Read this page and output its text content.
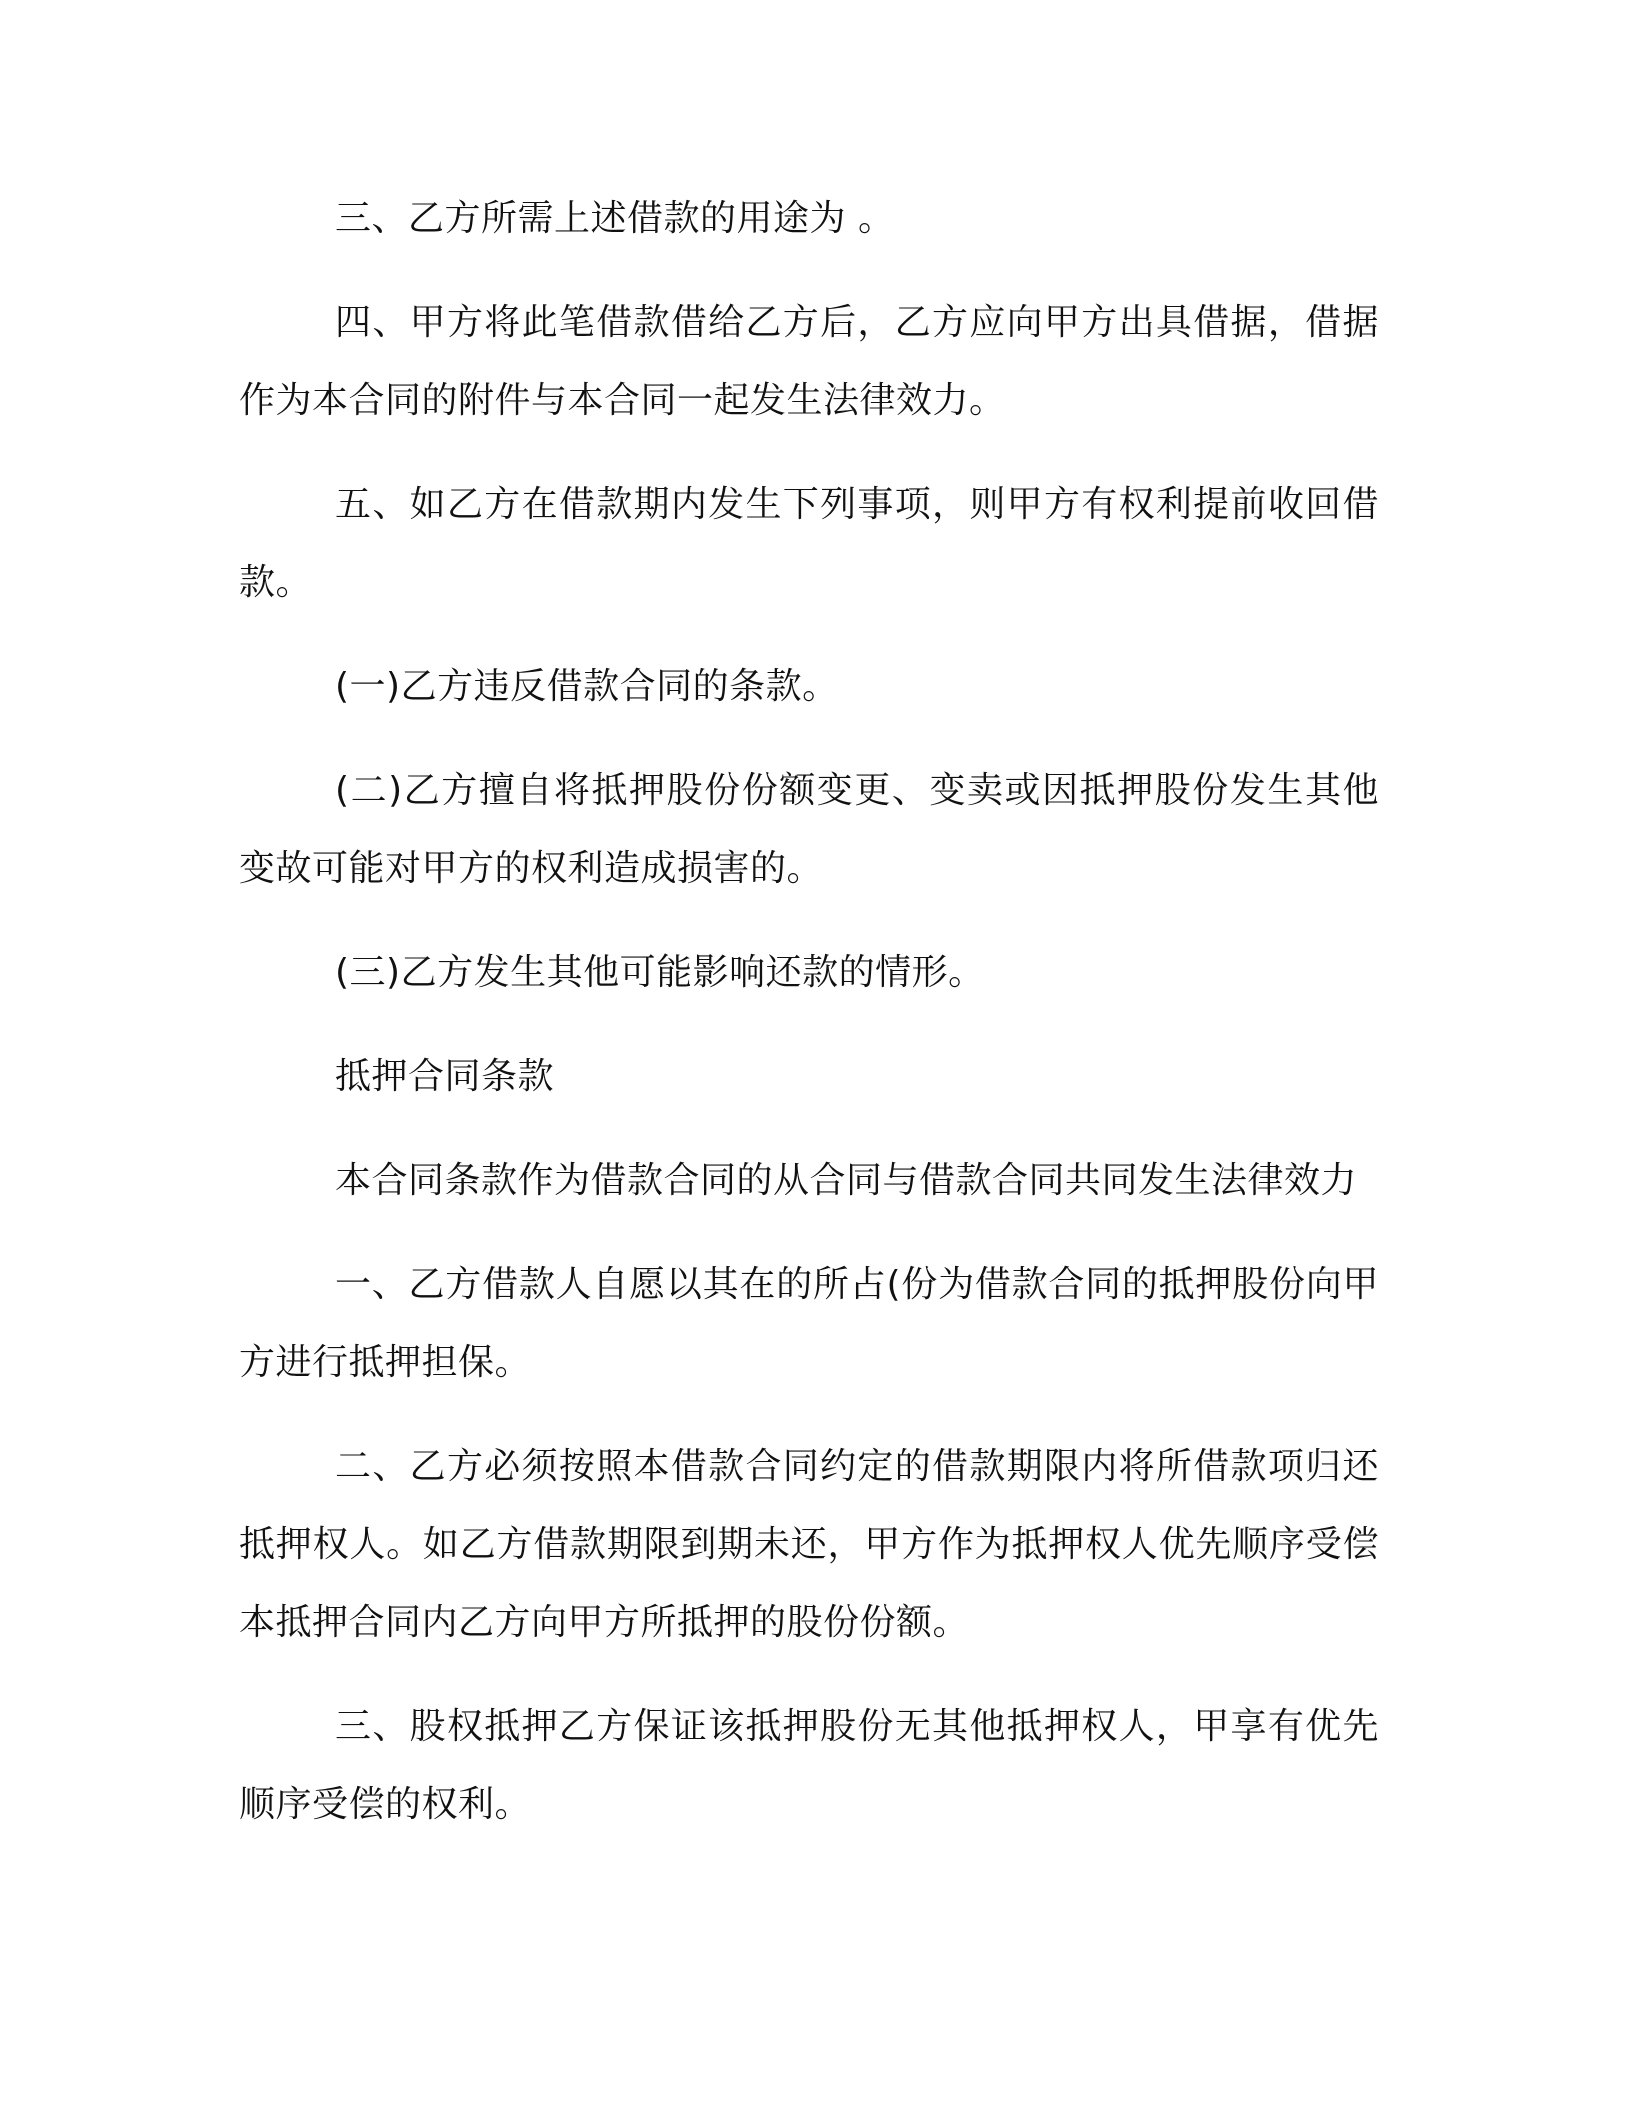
三、乙方所需上述借款的用途为 。

四、甲方将此笔借款借给乙方后，乙方应向甲方出具借据，借据作为本合同的附件与本合同一起发生法律效力。

五、如乙方在借款期内发生下列事项，则甲方有权利提前收回借款。

(一)乙方违反借款合同的条款。

(二)乙方擅自将抵押股份份额变更、变卖或因抵押股份发生其他变故可能对甲方的权利造成损害的。

(三)乙方发生其他可能影响还款的情形。

抵押合同条款

本合同条款作为借款合同的从合同与借款合同共同发生法律效力

一、乙方借款人自愿以其在的所占(份为借款合同的抵押股份向甲方进行抵押担保。

二、乙方必须按照本借款合同约定的借款期限内将所借款项归还抵押权人。如乙方借款期限到期未还，甲方作为抵押权人优先顺序受偿本抵押合同内乙方向甲方所抵押的股份份额。

三、股权抵押乙方保证该抵押股份无其他抵押权人，甲享有优先顺序受偿的权利。
